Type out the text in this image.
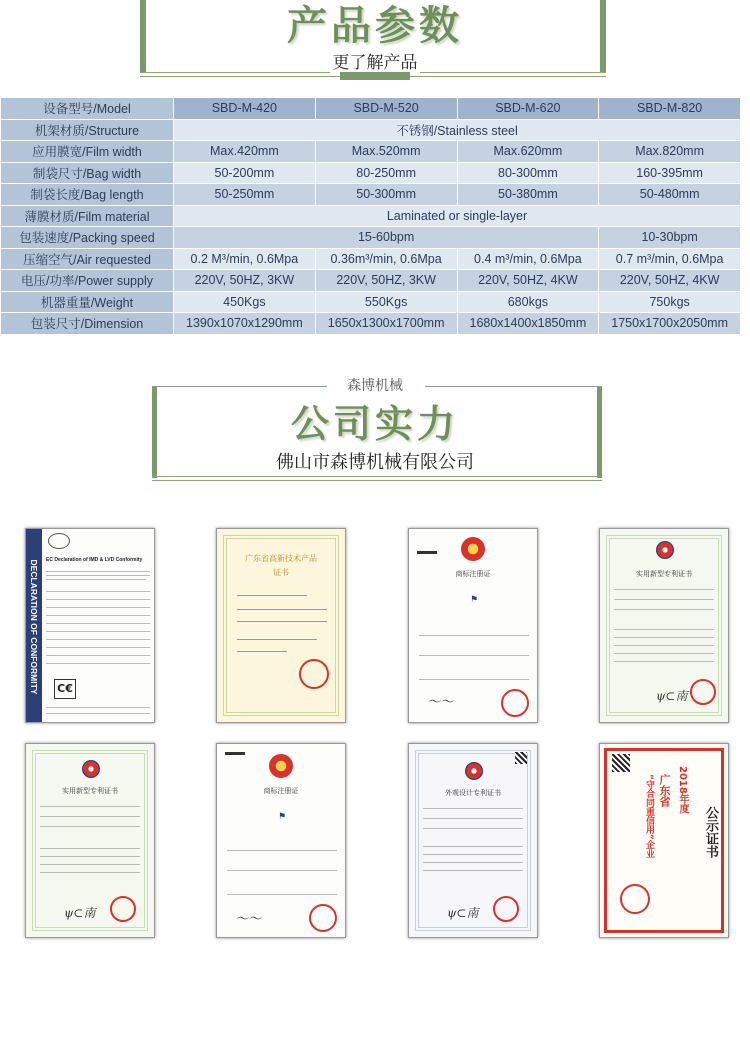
产品参数
更了解产品
设备型号/Model	SBD-M-420	SBD-M-520	SBD-M-620	SBD-M-820
机架材质/Structure	不锈钢/Stainless steel			
应用膜宽/Film width	Max.420mm	Max.520mm	Max.620mm	Max.820mm
制袋尺寸/Bag width	50-200mm	80-250mm	80-300mm	160-395mm
制袋长度/Bag length	50-250mm	50-300mm	50-380mm	50-480mm
薄膜材质/Film material	Laminated or single-layer			
包装速度/Packing speed	15-60bpm			10-30bpm
压缩空气/Air requested	0.2 M³/min, 0.6Mpa	0.36m³/min, 0.6Mpa	0.4 m³/min, 0.6Mpa	0.7 m³/min, 0.6Mpa
电压/功率/Power supply	220V, 50HZ, 3KW	220V, 50HZ, 3KW	220V, 50HZ, 4KW	220V, 50HZ, 4KW
机器重量/Weight	450Kgs	550Kgs	680kgs	750kgs
包装尺寸/Dimension	1390x1070x1290mm	1650x1300x1700mm	1680x1400x1850mm	1750x1700x2050mm
森博机械
公司实力
佛山市森博机械有限公司
DECLARATION OF CONFORMITY	EC Declaration of IMD & LVD Conformity
C€
广东省高新技术产品
证书	商标注册证
⚑
〜〜
实用新型专利证书
ψ⊂南
实用新型专利证书
ψ⊂南
商标注册证
⚑
〜〜
外观设计专利证书
ψ⊂南
公示证书
2018年度
广东省
“守合同重信用”企业
